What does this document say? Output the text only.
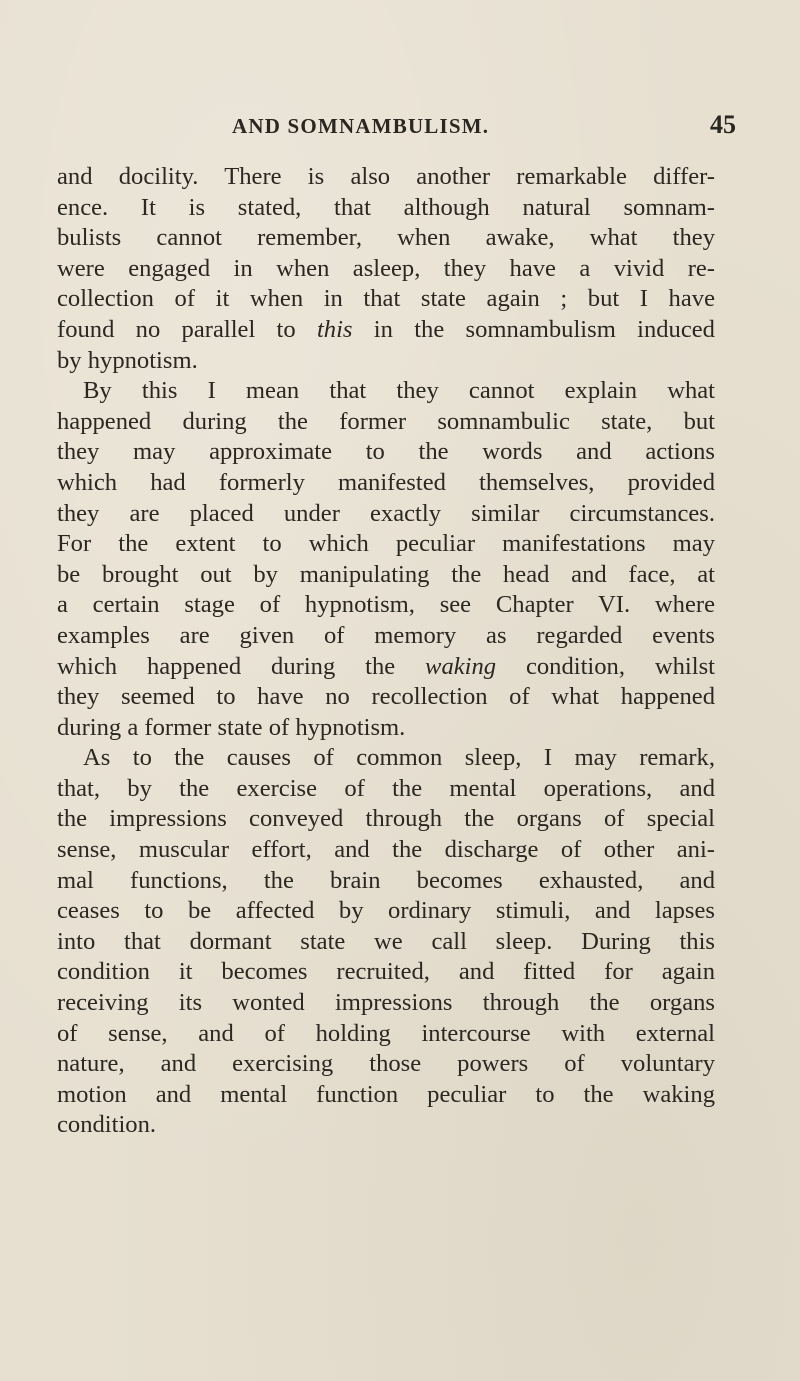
AND SOMNAMBULISM.	45
and docility. There is also another remarkable differ-
ence. It is stated, that although natural somnam-
bulists cannot remember, when awake, what they
were engaged in when asleep, they have a vivid re-
collection of it when in that state again ; but I have
found no parallel to this in the somnambulism induced
by hypnotism.
By this I mean that they cannot explain what
happened during the former somnambulic state, but
they may approximate to the words and actions
which had formerly manifested themselves, provided
they are placed under exactly similar circumstances.
For the extent to which peculiar manifestations may
be brought out by manipulating the head and face, at
a certain stage of hypnotism, see Chapter VI. where
examples are given of memory as regarded events
which happened during the waking condition, whilst
they seemed to have no recollection of what happened
during a former state of hypnotism.
As to the causes of common sleep, I may remark,
that, by the exercise of the mental operations, and
the impressions conveyed through the organs of special
sense, muscular effort, and the discharge of other ani-
mal functions, the brain becomes exhausted, and
ceases to be affected by ordinary stimuli, and lapses
into that dormant state we call sleep. During this
condition it becomes recruited, and fitted for again
receiving its wonted impressions through the organs
of sense, and of holding intercourse with external
nature, and exercising those powers of voluntary
motion and mental function peculiar to the waking
condition.
